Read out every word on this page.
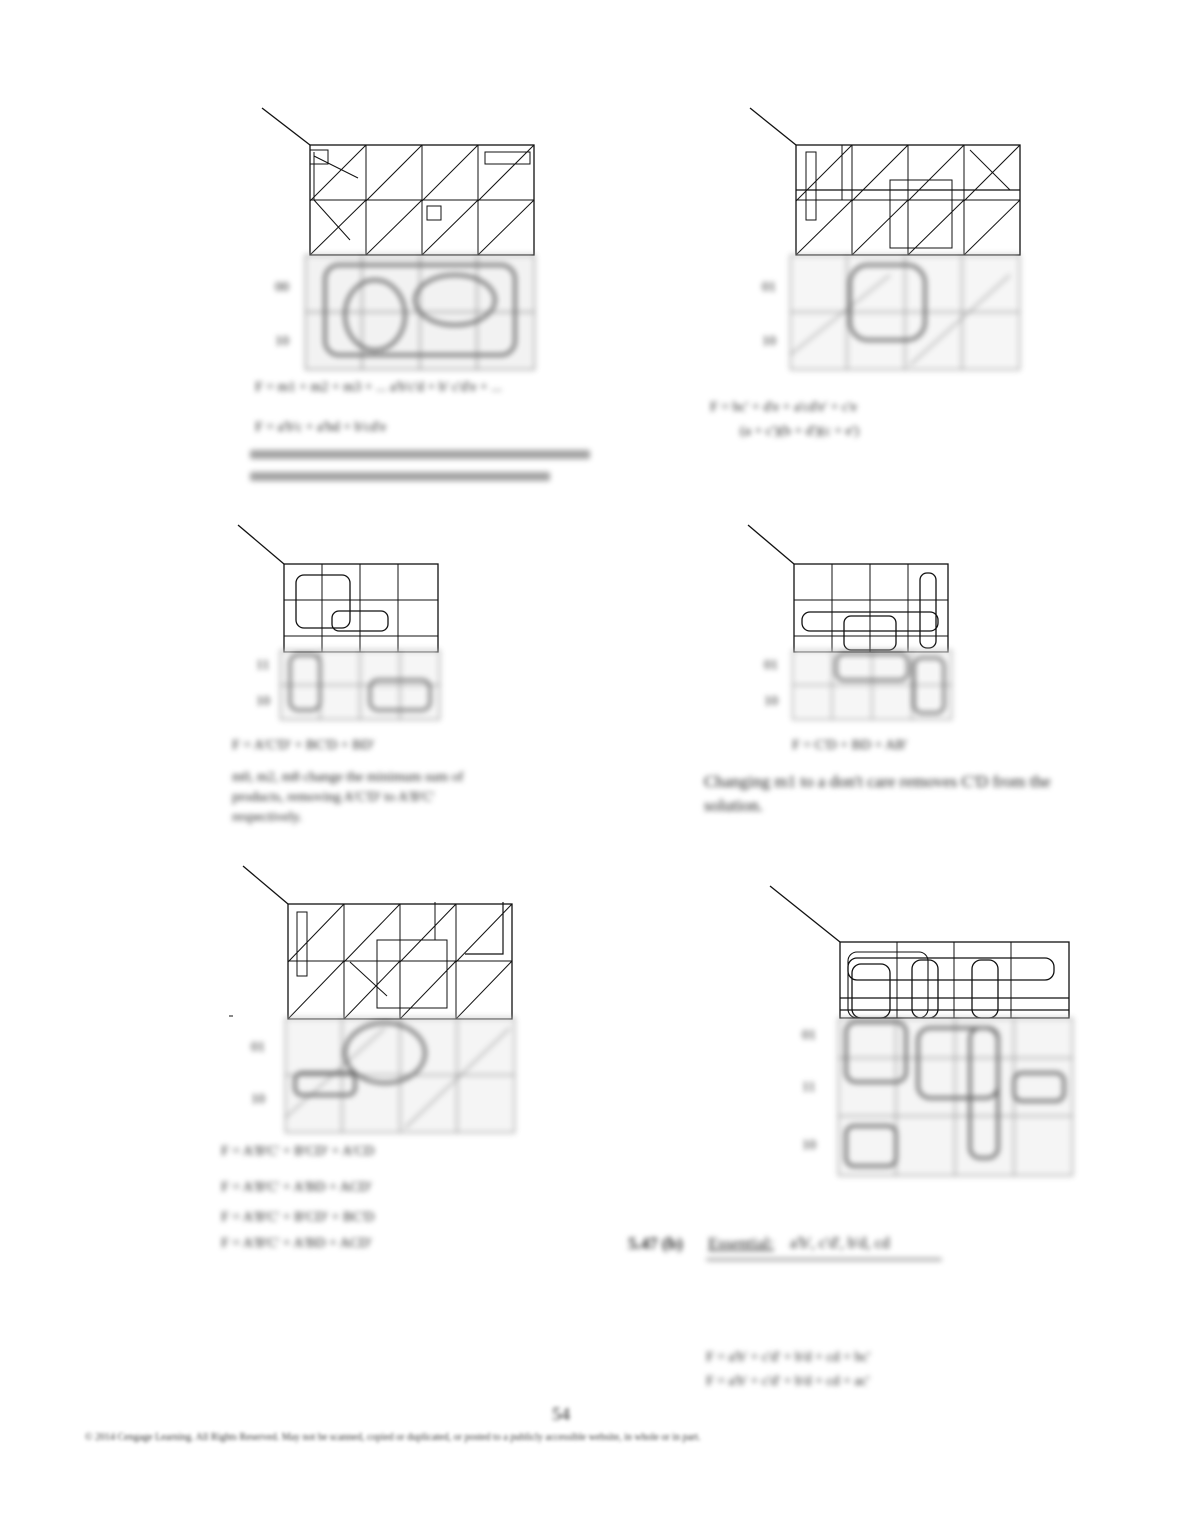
00
10
F = m1 + m2 + m3 + ... a'b'c'd + b' c'd'e + ...
F = a'b'c + a'bd + b'cd'e
01
10
F = bc' + d'e + a'cd'e' + c'e
(a + c')(b + d')(c + e')
11
10
F = A'C'D' + BC'D + BD'
m0, m2, m8 change the minimum sum of products, removing A'C'D' to A'B'C' respectively.
01
10
F = C'D + BD + AB'
Changing m1 to a don't care removes C'D from the solution.
01
10
F = A'B'C' + B'CD' + A'CD
F = A'B'C' + A'BD + ACD'
F = A'B'C' + B'CD' + BC'D
F = A'B'C' + A'BD + ACD'
01
11
10
5.47 (b) Essential: a'b', c'd', b'd, cd
F = a'b' + c'd' + b'd + cd + bc'
F = a'b' + c'd' + b'd + cd + ac'
54
© 2014 Cengage Learning. All Rights Reserved. May not be scanned, copied or duplicated, or posted to a publicly accessible website, in whole or in part.
